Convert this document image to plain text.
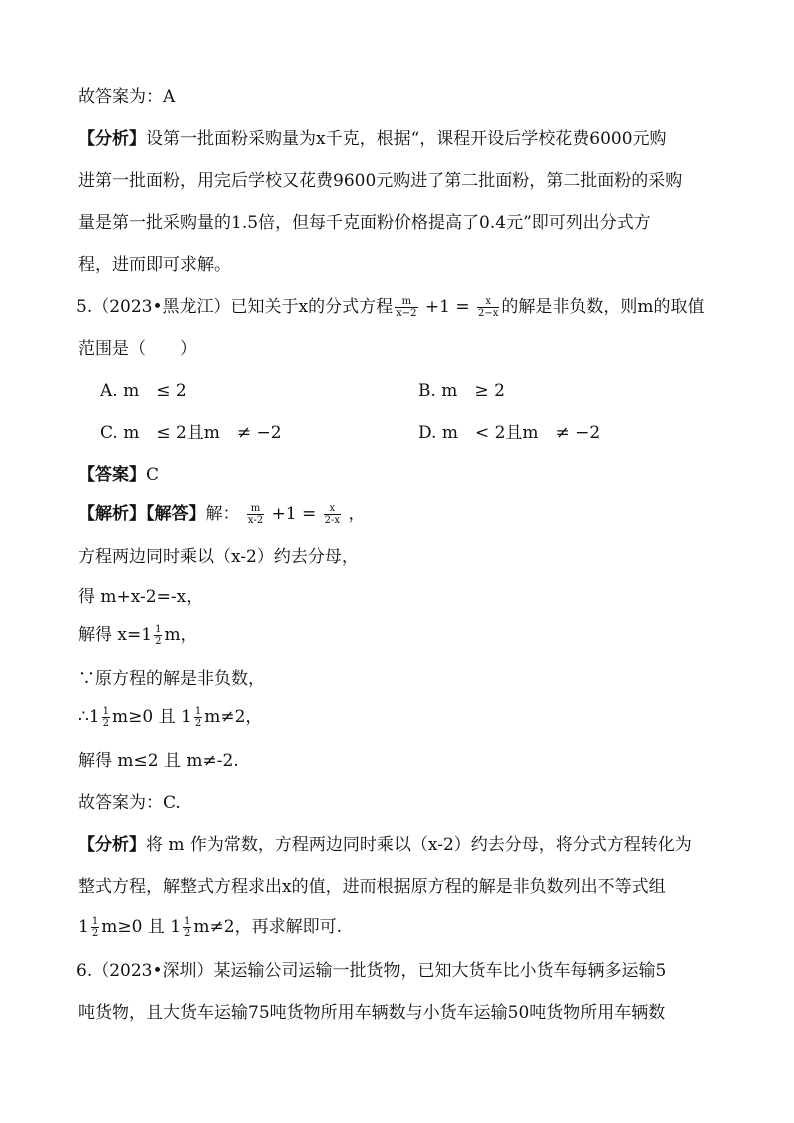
故答案为：A
【分析】设第一批面粉采购量为x千克，根据“，课程开设后学校花费6000元购
进第一批面粉，用完后学校又花费9600元购进了第二批面粉，第二批面粉的采购
量是第一批采购量的1.5倍，但每千克面粉价格提高了0.4元”即可列出分式方
程，进而即可求解。
5.（2023•黑龙江）已知关于x的分式方程 $\frac{m}{x-2} +1 = \frac{x}{2-x}$ 的解是非负数，则m的取值
范围是（　　）
A. m　≤ 2	B. m　≥ 2
C. m　≤ 2且m　≠ −2	D. m　< 2且m　≠ −2
【答案】C
【解析】【解答】解： $\frac{m}{x-2} +1 = \frac{x}{2-x}$ ，
方程两边同时乘以（x-2）约去分母，
得 m+x-2=-x，
解得 $x=1 \frac{1}{2}$ m，
∵原方程的解是非负数，
∴1 $\frac{1}{2} m\ge 0$ 且 $1 \frac{1}{2} m\ne 2$，
解得 m≤2 且 m≠-2.
故答案为：C.
【分析】将 m 作为常数，方程两边同时乘以（x-2）约去分母，将分式方程转化为
整式方程，解整式方程求出x的值，进而根据原方程的解是非负数列出不等式组
$1 \frac{1}{2} m\ge 0$ 且 $1 \frac{1}{2} m\ne 2$，再求解即可.
6.（2023•深圳）某运输公司运输一批货物，已知大货车比小货车每辆多运输5
吨货物，且大货车运输75吨货物所用车辆数与小货车运输50吨货物所用车辆数
